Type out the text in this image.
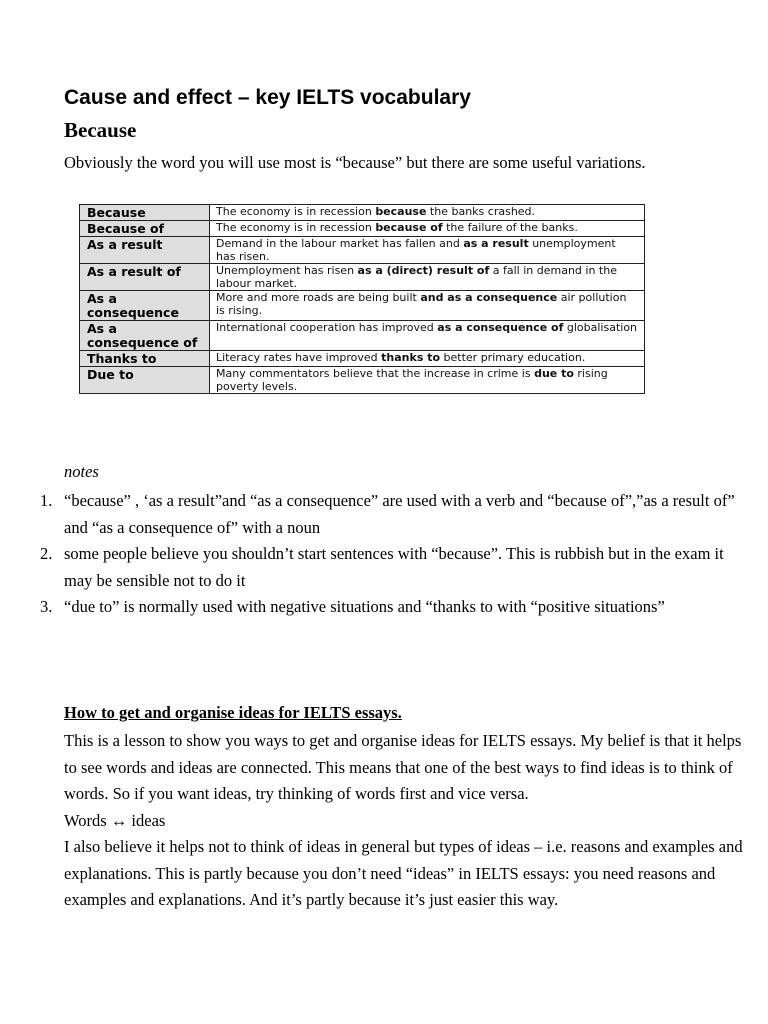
Cause and effect – key IELTS vocabulary
Because

Obviously the word you will use most is “because” but there are some useful variations.

Because	The economy is in recession because the banks crashed.
Because of	The economy is in recession because of the failure of the banks.
As a result	Demand in the labour market has fallen and as a result unemployment has risen.
As a result of	Unemployment has risen as a (direct) result of a fall in demand in the labour market.
As a consequence	More and more roads are being built and as a consequence air pollution is rising.
As a consequence of	International cooperation has improved as a consequence of globalisation
Thanks to	Literacy rates have improved thanks to better primary education.
Due to	Many commentators believe that the increase in crime is due to rising poverty levels.

notes

1. “because” , ‘as a result”and “as a consequence” are used with a verb and “because of”,”as a result of” and “as a consequence of” with a noun
2. some people believe you shouldn’t start sentences with “because”. This is rubbish but in the exam it may be sensible not to do it
3. “due to” is normally used with negative situations and “thanks to with “positive situations”
How to get and organise ideas for IELTS essays.

This is a lesson to show you ways to get and organise ideas for IELTS essays. My belief is that it helps to see words and ideas are connected. This means that one of the best ways to find ideas is to think of words. So if you want ideas, try thinking of words first and vice versa.

Words ↔ ideas

I also believe it helps not to think of ideas in general but types of ideas – i.e. reasons and examples and explanations. This is partly because you don’t need “ideas” in IELTS essays: you need reasons and examples and explanations. And it’s partly because it’s just easier this way.
